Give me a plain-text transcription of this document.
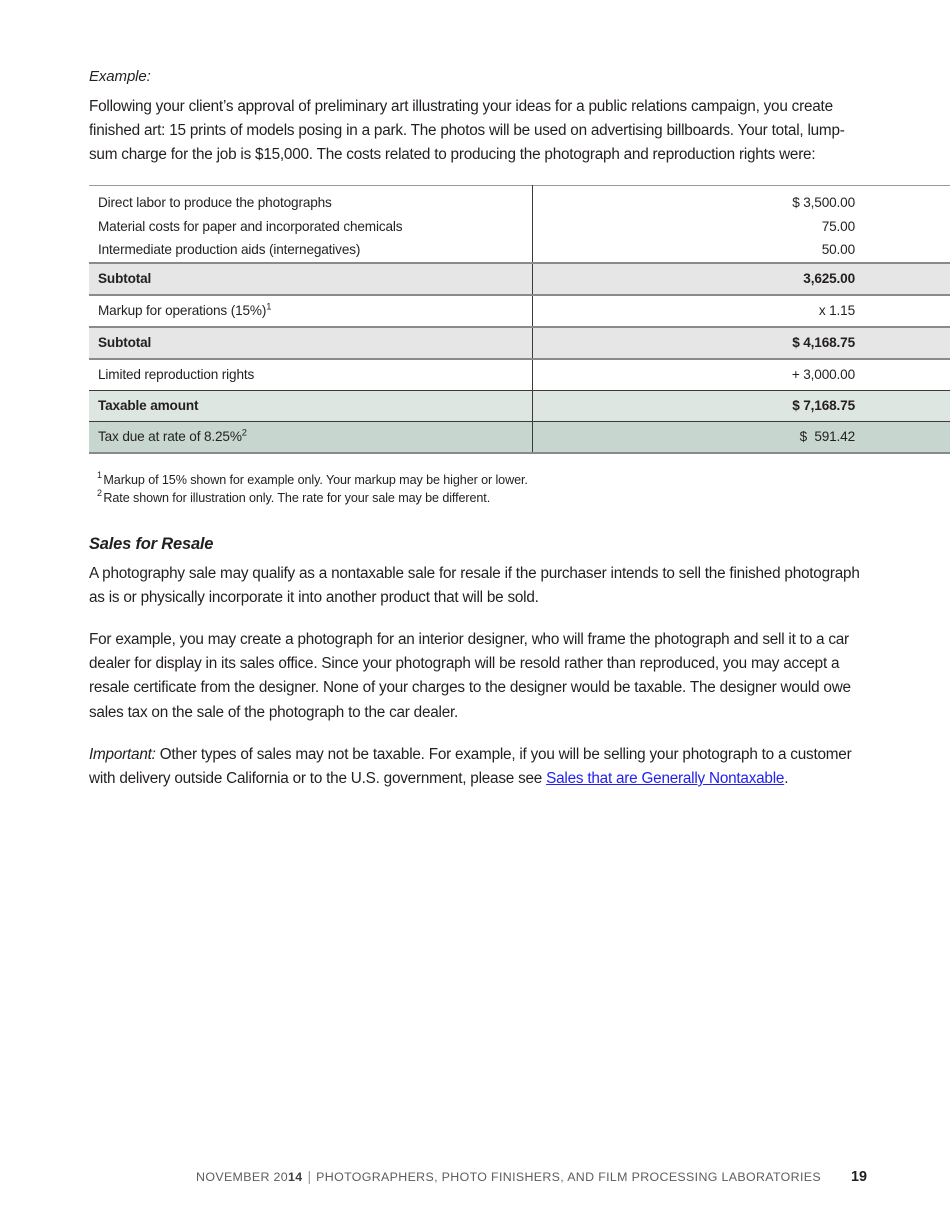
Example:

Following your client’s approval of preliminary art illustrating your ideas for a public relations campaign, you create finished art: 15 prints of models posing in a park. The photos will be used on advertising billboards. Your total, lump-sum charge for the job is $15,000. The costs related to producing the photograph and reproduction rights were:

Direct labor to produce the photographs	$ 3,500.00
Material costs for paper and incorporated chemicals	75.00
Intermediate production aids (internegatives)	50.00
Subtotal	3,625.00
Markup for operations $(15\%)^1$	x 1.15
Subtotal	$ 4,168.75
Limited reproduction rights	+ 3,000.00
Taxable amount	$ 7,168.75
Tax due at rate of 8.25%$^2$	$  591.42

$^1$ Markup of 15% shown for example only. Your markup may be higher or lower.

$^2$ Rate shown for illustration only. The rate for your sale may be different.

Sales for Resale

A photography sale may qualify as a nontaxable sale for resale if the purchaser intends to sell the finished photograph as is or physically incorporate it into another product that will be sold.

For example, you may create a photograph for an interior designer, who will frame the photograph and sell it to a car dealer for display in its sales office. Since your photograph will be resold rather than reproduced, you may accept a resale certificate from the designer. None of your charges to the designer would be taxable. The designer would owe sales tax on the sale of the photograph to the car dealer.

Important: Other types of sales may not be taxable. For example, if you will be selling your photograph to a customer with delivery outside California or to the U.S. government, please see Sales that are Generally Nontaxable.

NOVEMBER 2014 | PHOTOGRAPHERS, PHOTO FINISHERS, AND FILM PROCESSING LABORATORIES 19
